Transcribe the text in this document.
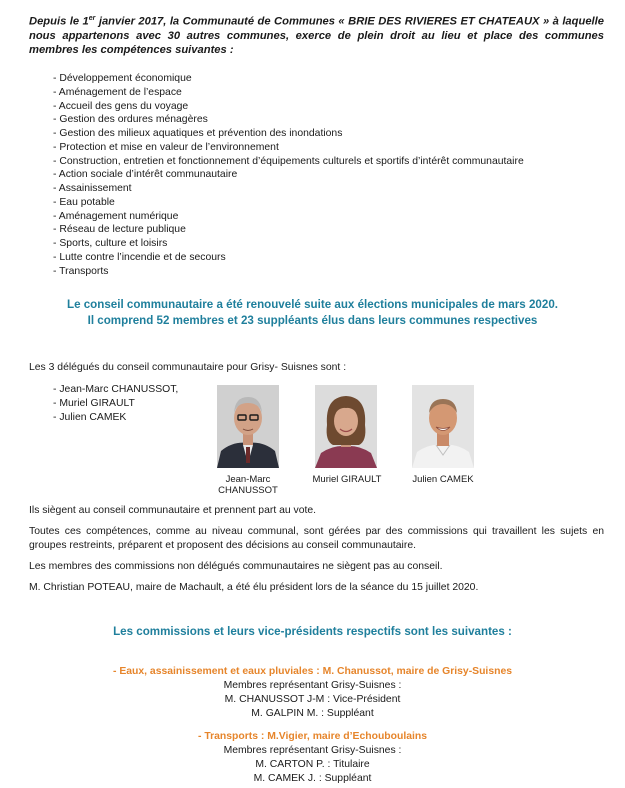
Depuis le 1er janvier 2017, la Communauté de Communes « BRIE DES RIVIERES ET CHATEAUX » à laquelle nous appartenons avec 30 autres communes, exerce de plein droit au lieu et place des communes membres les compétences suivantes :
- Développement économique
- Aménagement de l’espace
- Accueil des gens du voyage
- Gestion des ordures ménagères
- Gestion des milieux aquatiques et prévention des inondations
- Protection et mise en valeur de l’environnement
- Construction, entretien et fonctionnement d’équipements culturels et sportifs d’intérêt communautaire
- Action sociale d’intérêt communautaire
- Assainissement
- Eau potable
- Aménagement numérique
- Réseau de lecture publique
- Sports, culture et loisirs
- Lutte contre l’incendie et de secours
- Transports
Le conseil communautaire a été renouvelé suite aux élections municipales de mars 2020.
Il comprend 52 membres et 23 suppléants élus dans leurs communes respectives
Les 3 délégués du conseil communautaire pour Grisy- Suisnes sont :
- Jean-Marc CHANUSSOT,
- Muriel GIRAULT
- Julien CAMEK
Jean-Marc CHANUSSOT
Muriel GIRAULT	Julien CAMEK
Ils siègent au conseil communautaire et prennent part au vote.
Toutes ces compétences, comme au niveau communal, sont gérées par des commissions qui travaillent les sujets en groupes restreints, préparent et proposent des décisions au conseil communautaire.
Les membres des commissions non délégués communautaires ne siègent pas au conseil.
M. Christian POTEAU, maire de Machault, a été élu président lors de la séance du 15 juillet 2020.
Les commissions et leurs vice-présidents respectifs sont les suivantes :
- Eaux, assainissement et eaux pluviales : M. Chanussot, maire de Grisy-Suisnes
Membres représentant Grisy-Suisnes :
M. CHANUSSOT J-M : Vice-Président
M. GALPIN M. : Suppléant
- Transports : M.Vigier, maire d’Echouboulains
Membres représentant Grisy-Suisnes :
M. CARTON P. : Titulaire
M. CAMEK J. : Suppléant
